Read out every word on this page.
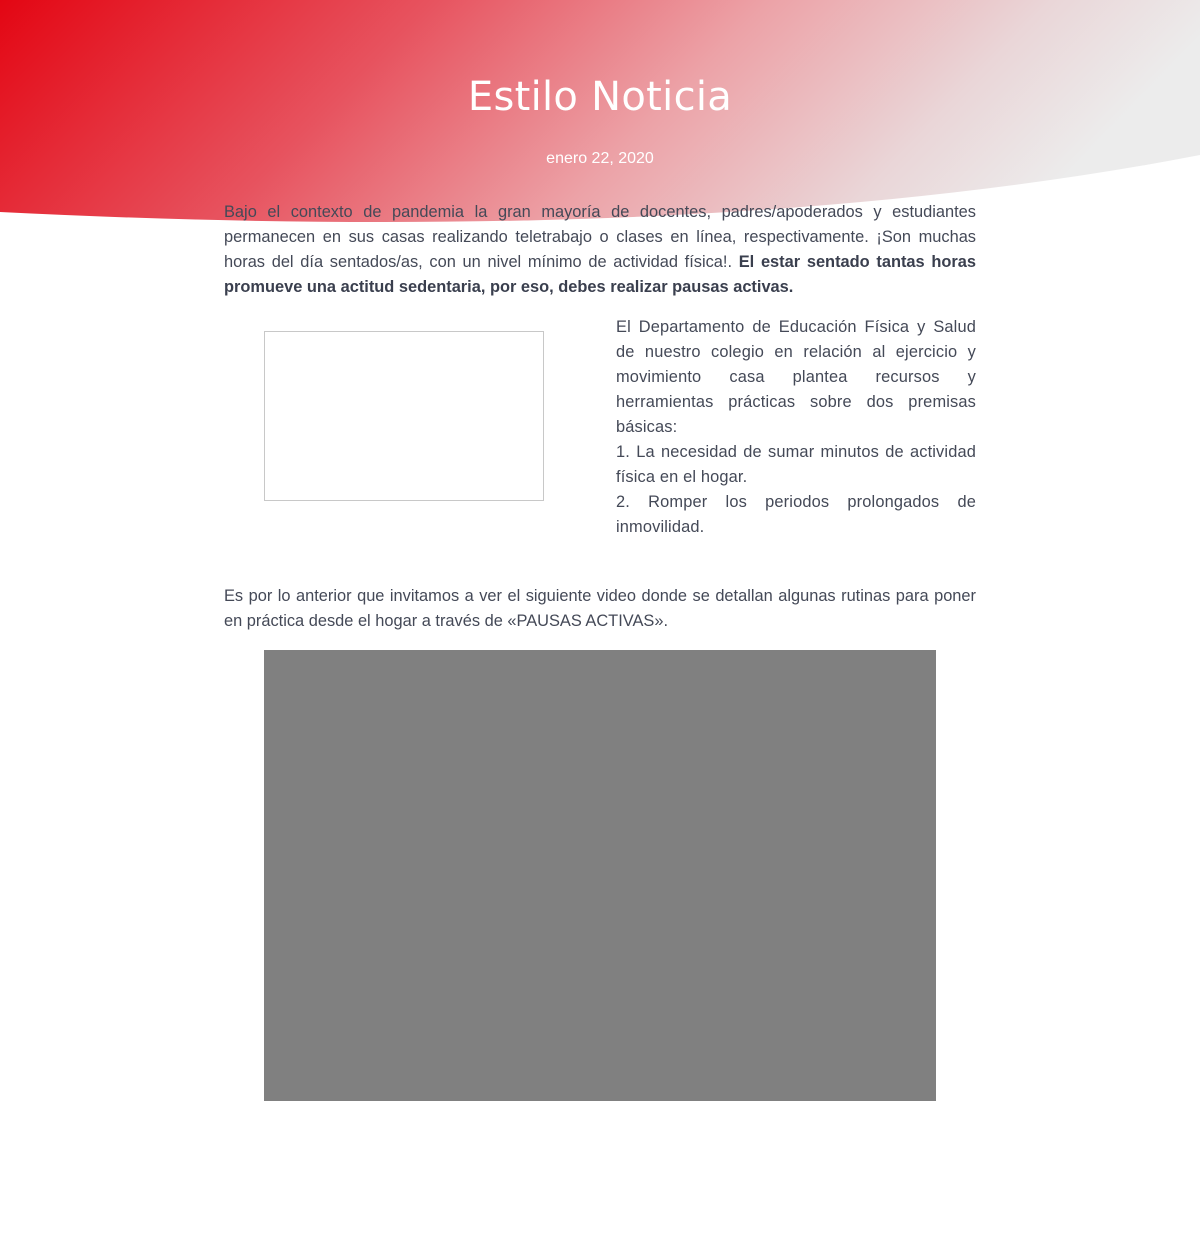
Estilo Noticia
enero 22, 2020

Bajo el contexto de pandemia la gran mayoría de docentes, padres/apoderados y estudiantes permanecen en sus casas realizando teletrabajo o clases en línea, respectivamente. ¡Son muchas horas del día sentados/as, con un nivel mínimo de actividad física!. El estar sentado tantas horas promueve una actitud sedentaria, por eso, debes realizar pausas activas.

El Departamento de Educación Física y Salud de nuestro colegio en relación al ejercicio y movimiento casa plantea recursos y herramientas prácticas sobre dos premisas básicas:

1. La necesidad de sumar minutos de actividad física en el hogar.

2. Romper los periodos prolongados de inmovilidad.

Es por lo anterior que invitamos a ver el siguiente video donde se detallan algunas rutinas para poner en práctica desde el hogar a través de «PAUSAS ACTIVAS».
